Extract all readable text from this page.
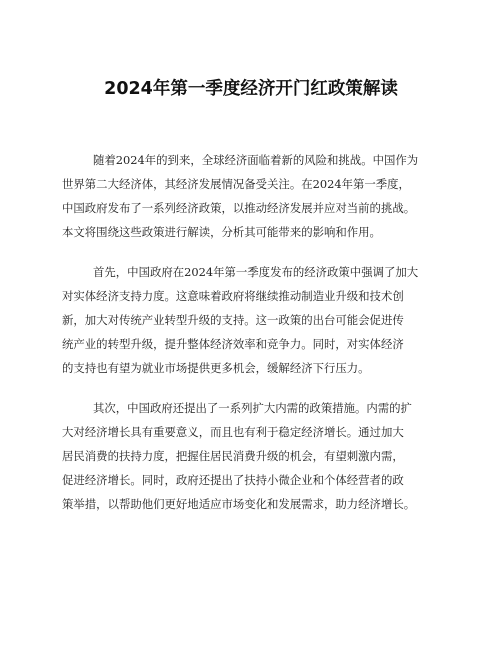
2024年第一季度经济开门红政策解读
随着2024年的到来，全球经济面临着新的风险和挑战。中国作为
世界第二大经济体，其经济发展情况备受关注。在2024年第一季度，
中国政府发布了一系列经济政策，以推动经济发展并应对当前的挑战。
本文将围绕这些政策进行解读，分析其可能带来的影响和作用。
首先，中国政府在2024年第一季度发布的经济政策中强调了加大
对实体经济支持力度。这意味着政府将继续推动制造业升级和技术创
新，加大对传统产业转型升级的支持。这一政策的出台可能会促进传
统产业的转型升级，提升整体经济效率和竞争力。同时，对实体经济
的支持也有望为就业市场提供更多机会，缓解经济下行压力。
其次，中国政府还提出了一系列扩大内需的政策措施。内需的扩
大对经济增长具有重要意义，而且也有利于稳定经济增长。通过加大
居民消费的扶持力度，把握住居民消费升级的机会，有望刺激内需，
促进经济增长。同时，政府还提出了扶持小微企业和个体经营者的政
策举措，以帮助他们更好地适应市场变化和发展需求，助力经济增长。
